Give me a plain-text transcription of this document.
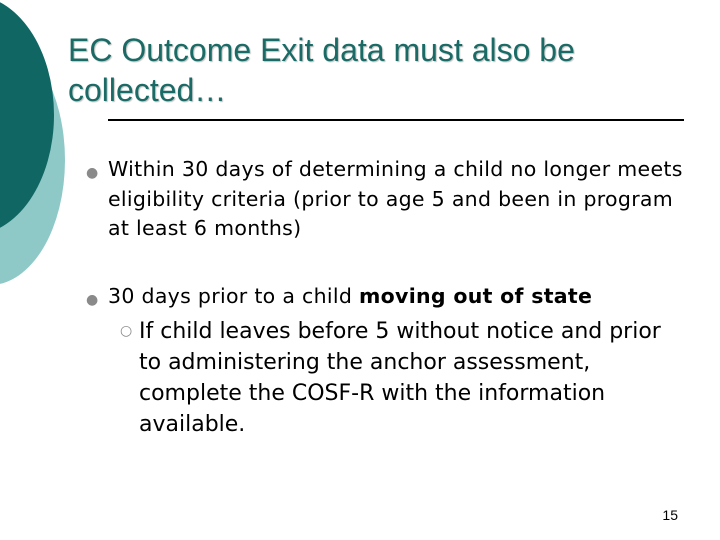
EC Outcome Exit data must also be collected…
● Within 30 days of determining a child no longer meets eligibility criteria (prior to age 5 and been in program at least 6 months)
● 30 days prior to a child moving out of state
○ If child leaves before 5 without notice and prior to administering the anchor assessment, complete the COSF-R with the information available.
15
